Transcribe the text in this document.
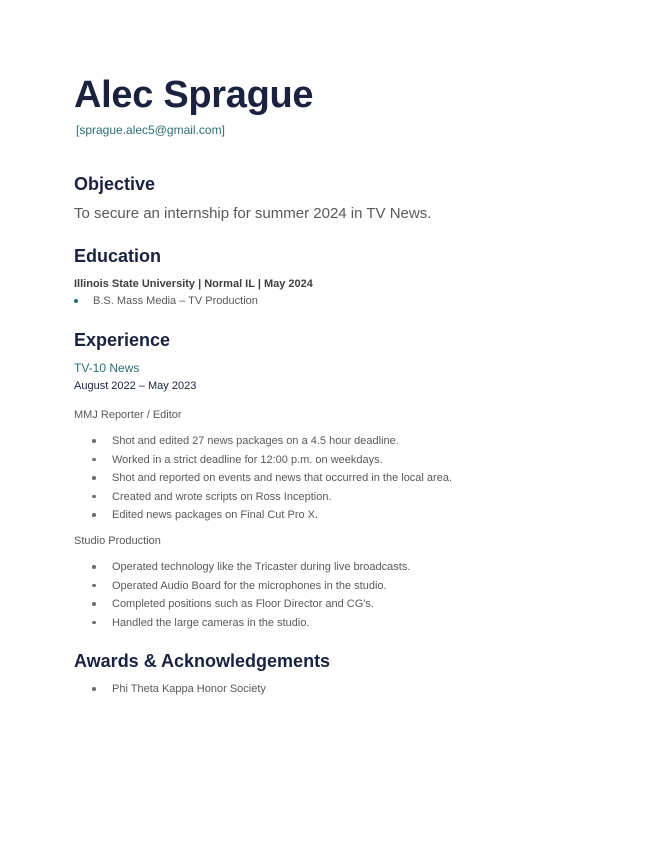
Alec Sprague
[sprague.alec5@gmail.com]
Objective
To secure an internship for summer 2024 in TV News.
Education
Illinois State University | Normal IL | May 2024
B.S. Mass Media – TV Production
Experience
TV-10 News
August 2022 – May 2023
MMJ Reporter / Editor
Shot and edited 27 news packages on a 4.5 hour deadline.
Worked in a strict deadline for 12:00 p.m. on weekdays.
Shot and reported on events and news that occurred in the local area.
Created and wrote scripts on Ross Inception.
Edited news packages on Final Cut Pro X.
Studio Production
Operated technology like the Tricaster during live broadcasts.
Operated Audio Board for the microphones in the studio.
Completed positions such as Floor Director and CG's.
Handled the large cameras in the studio.
Awards & Acknowledgements
Phi Theta Kappa Honor Society
